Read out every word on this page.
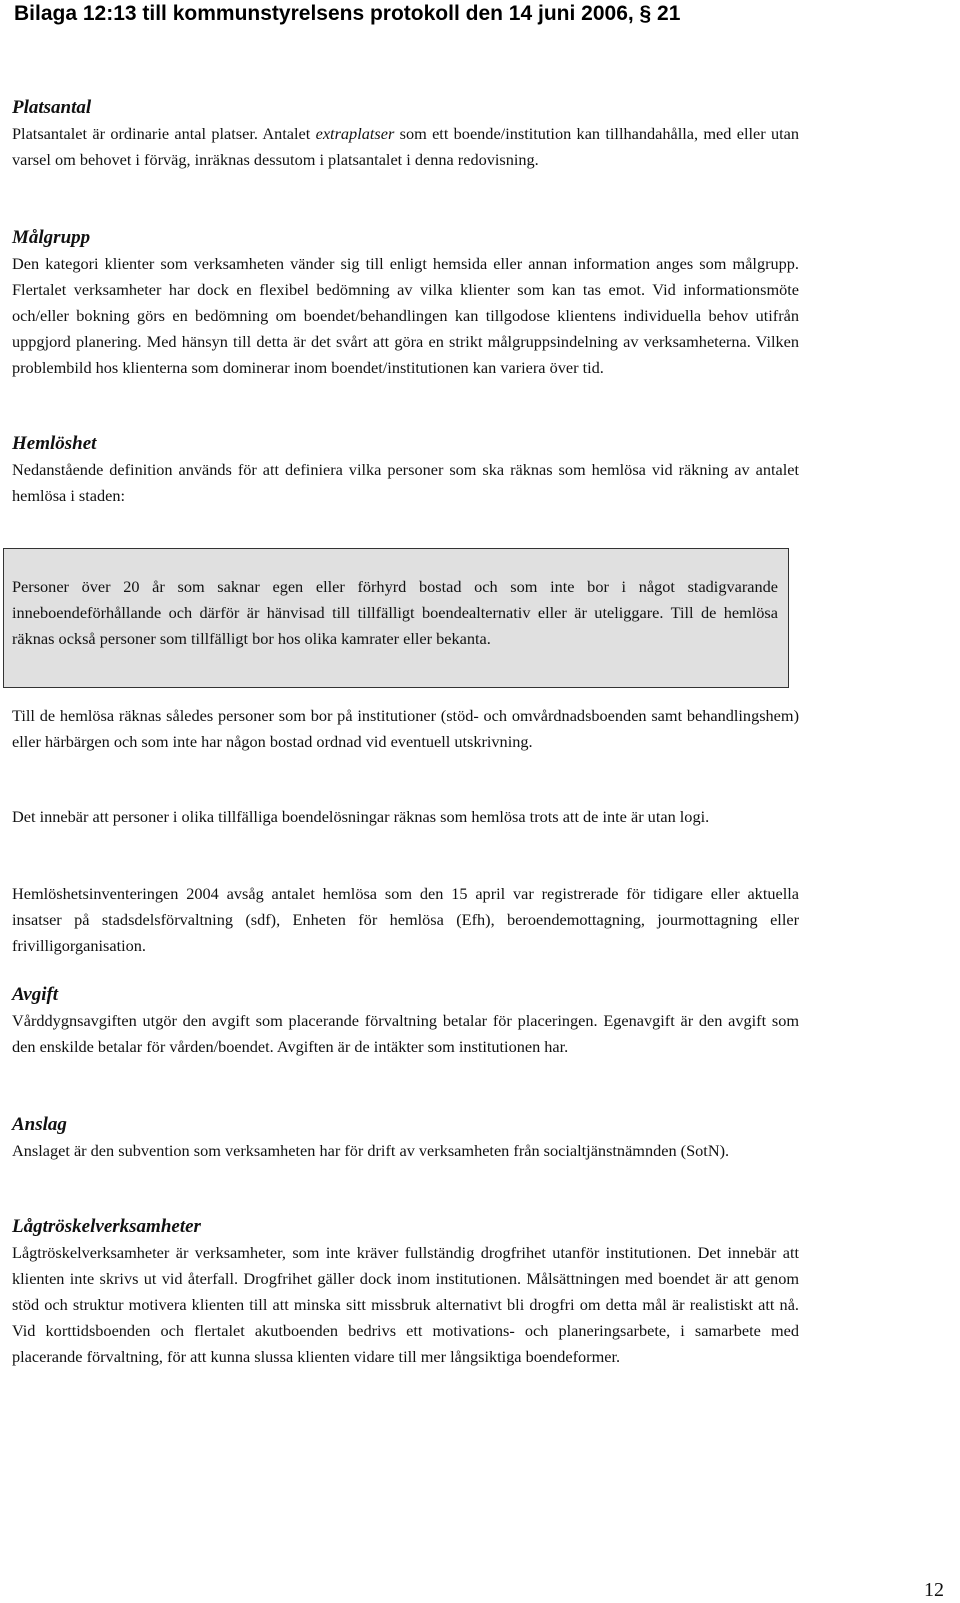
Bilaga 12:13 till kommunstyrelsens protokoll den 14 juni 2006, § 21
Platsantal

Platsantalet är ordinarie antal platser. Antalet extraplatser som ett boende/institution kan tillhandahålla, med eller utan varsel om behovet i förväg, inräknas dessutom i platsantalet i denna redovisning.

Målgrupp

Den kategori klienter som verksamheten vänder sig till enligt hemsida eller annan information anges som målgrupp. Flertalet verksamheter har dock en flexibel bedömning av vilka klienter som kan tas emot. Vid informationsmöte och/eller bokning görs en bedömning om boendet/behandlingen kan tillgodose klientens individuella behov utifrån uppgjord planering. Med hänsyn till detta är det svårt att göra en strikt målgruppsindelning av verksamheterna. Vilken problembild hos klienterna som dominerar inom boendet/institutionen kan variera över tid.

Hemlöshet

Nedanstående definition används för att definiera vilka personer som ska räknas som hemlösa vid räkning av antalet hemlösa i staden:

Personer över 20 år som saknar egen eller förhyrd bostad och som inte bor i något stadigvarande inneboendeförhållande och därför är hänvisad till tillfälligt boendealternativ eller är uteliggare. Till de hemlösa räknas också personer som tillfälligt bor hos olika kamrater eller bekanta.

Till de hemlösa räknas således personer som bor på institutioner (stöd- och omvårdnadsboenden samt behandlingshem) eller härbärgen och som inte har någon bostad ordnad vid eventuell utskrivning.

Det innebär att personer i olika tillfälliga boendelösningar räknas som hemlösa trots att de inte är utan logi.

Hemlöshetsinventeringen 2004 avsåg antalet hemlösa som den 15 april var registrerade för tidigare eller aktuella insatser på stadsdelsförvaltning (sdf), Enheten för hemlösa (Efh), beroendemottagning, jourmottagning eller frivilligorganisation.

Avgift

Vårddygnsavgiften utgör den avgift som placerande förvaltning betalar för placeringen. Egenavgift är den avgift som den enskilde betalar för vården/boendet. Avgiften är de intäkter som institutionen har.

Anslag

Anslaget är den subvention som verksamheten har för drift av verksamheten från socialtjänstnämnden (SotN).

Lågtröskelverksamheter

Lågtröskelverksamheter är verksamheter, som inte kräver fullständig drogfrihet utanför institutionen. Det innebär att klienten inte skrivs ut vid återfall. Drogfrihet gäller dock inom institutionen. Målsättningen med boendet är att genom stöd och struktur motivera klienten till att minska sitt missbruk alternativt bli drogfri om detta mål är realistiskt att nå. Vid korttidsboenden och flertalet akutboenden bedrivs ett motivations- och planeringsarbete, i samarbete med placerande förvaltning, för att kunna slussa klienten vidare till mer långsiktiga boendeformer.

12
